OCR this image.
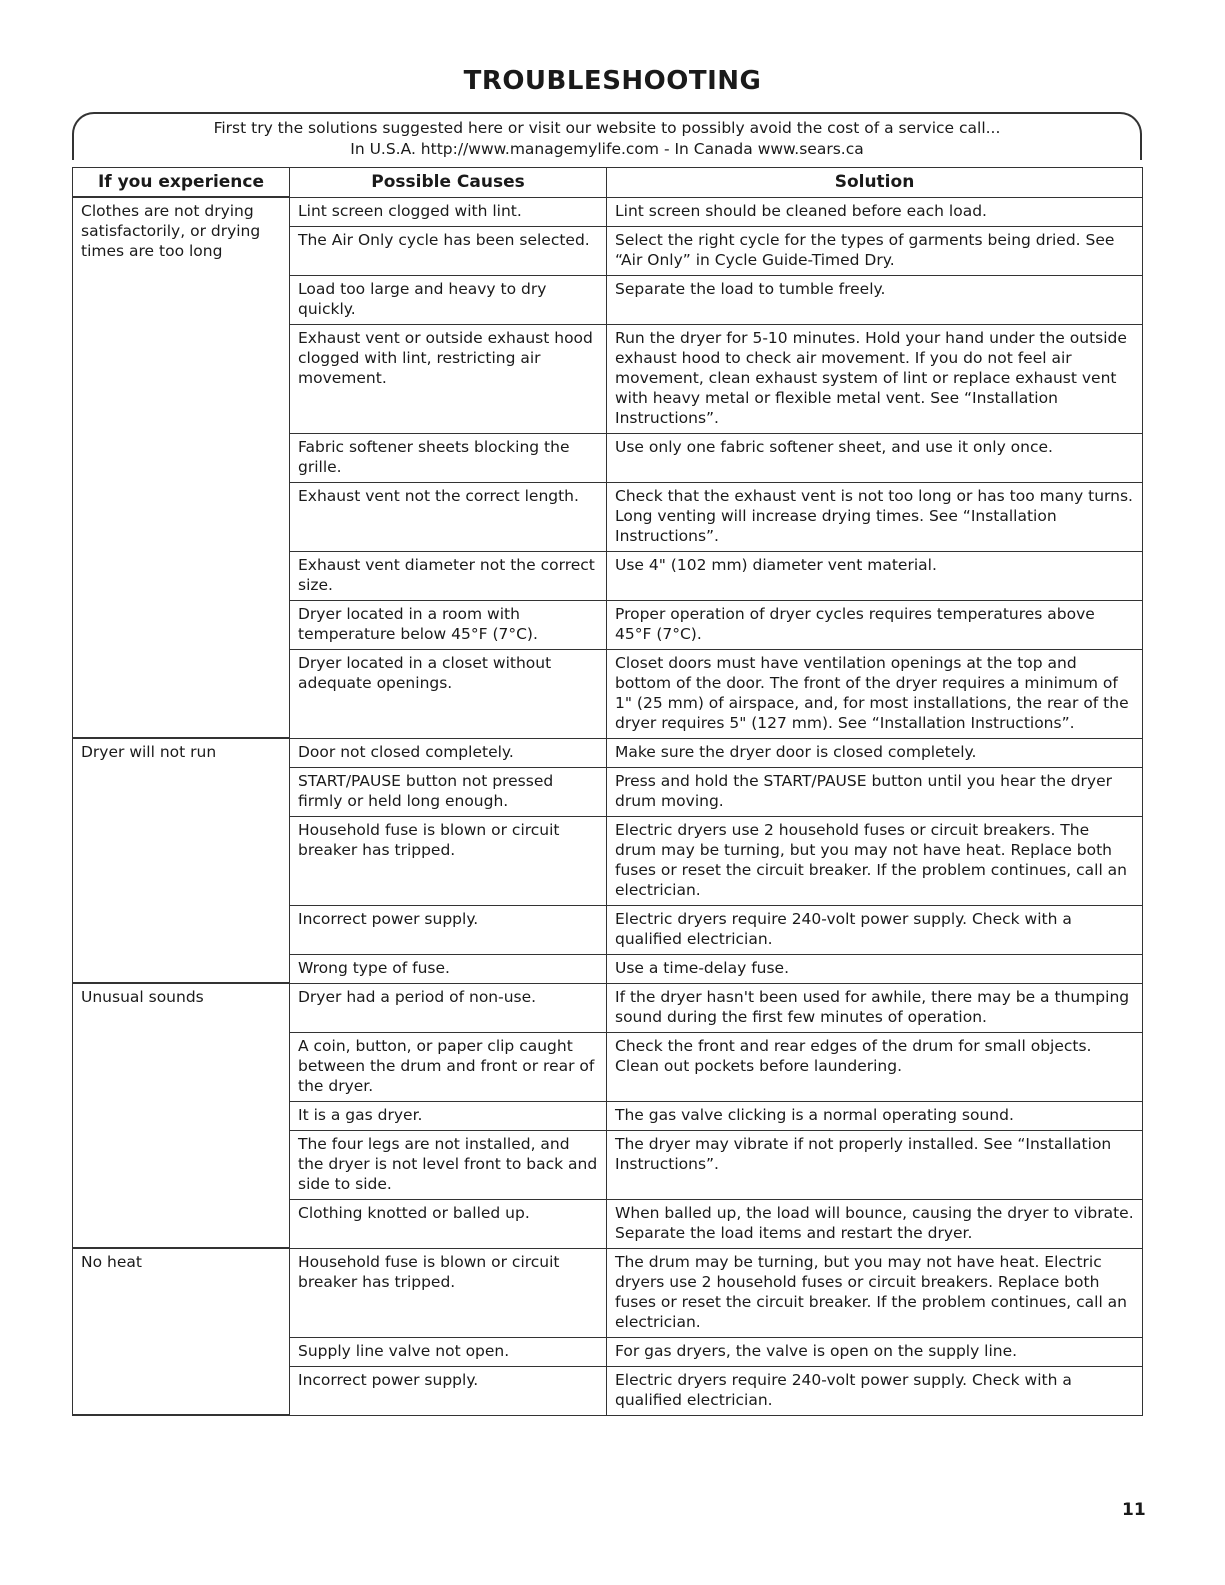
TROUBLESHOOTING
First try the solutions suggested here or visit our website to possibly avoid the cost of a service call...
In U.S.A. http://www.managemylife.com - In Canada www.sears.ca
If you experience	Possible Causes	Solution
Clothes are not drying satisfactorily, or drying times are too long	Lint screen clogged with lint.	Lint screen should be cleaned before each load.
	The Air Only cycle has been selected.	Select the right cycle for the types of garments being dried. See “Air Only” in Cycle Guide-Timed Dry.
	Load too large and heavy to dry quickly.	Separate the load to tumble freely.
	Exhaust vent or outside exhaust hood clogged with lint, restricting air movement.	Run the dryer for 5-10 minutes. Hold your hand under the outside exhaust hood to check air movement. If you do not feel air movement, clean exhaust system of lint or replace exhaust vent with heavy metal or flexible metal vent. See “Installation Instructions”.
	Fabric softener sheets blocking the grille.	Use only one fabric softener sheet, and use it only once.
	Exhaust vent not the correct length.	Check that the exhaust vent is not too long or has too many turns. Long venting will increase drying times. See “Installation Instructions”.
	Exhaust vent diameter not the correct size.	Use 4" (102 mm) diameter vent material.
	Dryer located in a room with temperature below 45°F (7°C).	Proper operation of dryer cycles requires temperatures above 45°F (7°C).
	Dryer located in a closet without adequate openings.	Closet doors must have ventilation openings at the top and bottom of the door. The front of the dryer requires a minimum of 1" (25 mm) of airspace, and, for most installations, the rear of the dryer requires 5" (127 mm). See “Installation Instructions”.
Dryer will not run	Door not closed completely.	Make sure the dryer door is closed completely.
	START/PAUSE button not pressed firmly or held long enough.	Press and hold the START/PAUSE button until you hear the dryer drum moving.
	Household fuse is blown or circuit breaker has tripped.	Electric dryers use 2 household fuses or circuit breakers. The drum may be turning, but you may not have heat. Replace both fuses or reset the circuit breaker. If the problem continues, call an electrician.
	Incorrect power supply.	Electric dryers require 240-volt power supply. Check with a qualified electrician.
	Wrong type of fuse.	Use a time-delay fuse.
Unusual sounds	Dryer had a period of non-use.	If the dryer hasn't been used for awhile, there may be a thumping sound during the first few minutes of operation.
	A coin, button, or paper clip caught between the drum and front or rear of the dryer.	Check the front and rear edges of the drum for small objects. Clean out pockets before laundering.
	It is a gas dryer.	The gas valve clicking is a normal operating sound.
	The four legs are not installed, and the dryer is not level front to back and side to side.	The dryer may vibrate if not properly installed. See “Installation Instructions”.
	Clothing knotted or balled up.	When balled up, the load will bounce, causing the dryer to vibrate. Separate the load items and restart the dryer.
No heat	Household fuse is blown or circuit breaker has tripped.	The drum may be turning, but you may not have heat. Electric dryers use 2 household fuses or circuit breakers. Replace both fuses or reset the circuit breaker. If the problem continues, call an electrician.
	Supply line valve not open.	For gas dryers, the valve is open on the supply line.
	Incorrect power supply.	Electric dryers require 240-volt power supply. Check with a qualified electrician.
11
